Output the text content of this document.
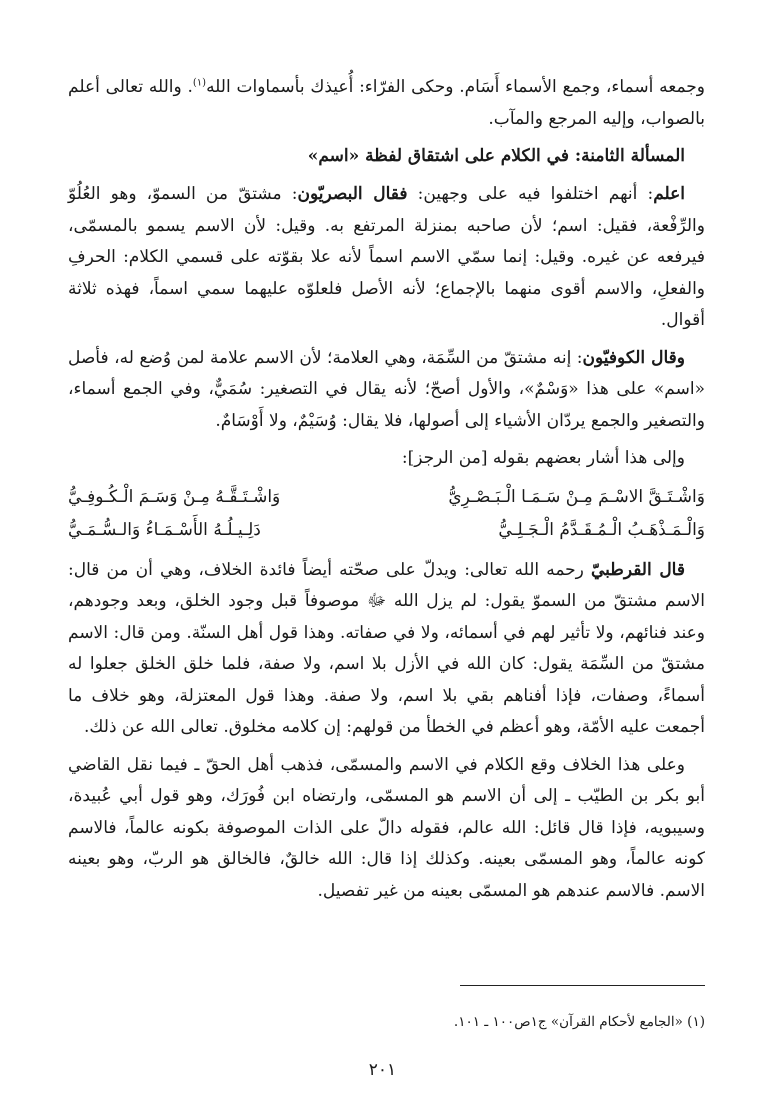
وجمعه أسماء، وجمع الأسماء أَسَام. وحكى الفرّاء: أُعيذك بأسماوات الله$^{(١)}$. والله تعالى أعلم بالصواب، وإليه المرجع والمآب.

المسألة الثامنة: في الكلام على اشتقاق لفظة «اسم»

اعلم: أنهم اختلفوا فيه على وجهين: فقال البصريّون: مشتقّ من السموّ، وهو العُلُوّ والرِّفْعة، فقيل: اسم؛ لأن صاحبه بمنزلة المرتفع به. وقيل: لأن الاسم يسمو بالمسمّى، فيرفعه عن غيره. وقيل: إنما سمّي الاسم اسماً لأنه علا بقوّته على قسمي الكلام: الحرفِ والفعلِ، والاسم أقوى منهما بالإجماع؛ لأنه الأصل فلعلوّه عليهما سمي اسماً، فهذه ثلاثة أقوال.

وقال الكوفيّون: إنه مشتقّ من السِّمَة، وهي العلامة؛ لأن الاسم علامة لمن وُضع له، فأصل «اسم» على هذا «وَسْمٌ»، والأول أصحّ؛ لأنه يقال في التصغير: سُمَيٌّ، وفي الجمع أسماء، والتصغير والجمع يردّان الأشياء إلى أصولها، فلا يقال: وُسَيْمٌ، ولا أَوْسَامٌ.

وإلى هذا أشار بعضهم بقوله [من الرجز]:

وَاشْـتَـقَّ الاسْـمَ مِـنْ سَـمَـا الْـبَـصْـرِيُّ
وَاشْـتَـقَّـهُ مِـنْ وَسَـمَ الْـكُـوفِـيُّ
وَالْـمَـذْهَـبُ الْـمُـقَـدَّمُ الْـجَـلِـيُّ
دَلِـيـلُـهُ الأَسْـمَـاءُ وَالـسُّـمَـيُّ

قال القرطبيّ رحمه الله تعالى: ويدلّ على صحّته أيضاً فائدة الخلاف، وهي أن من قال: الاسم مشتقّ من السموّ يقول: لم يزل الله ﷻ موصوفاً قبل وجود الخلق، وبعد وجودهم، وعند فنائهم، ولا تأثير لهم في أسمائه، ولا في صفاته. وهذا قول أهل السنّة. ومن قال: الاسم مشتقّ من السِّمَة يقول: كان الله في الأزل بلا اسم، ولا صفة، فلما خلق الخلق جعلوا له أسماءً، وصفات، فإذا أفناهم بقي بلا اسم، ولا صفة. وهذا قول المعتزلة، وهو خلاف ما أجمعت عليه الأمّة، وهو أعظم في الخطأ من قولهم: إن كلامه مخلوق. تعالى الله عن ذلك.

وعلى هذا الخلاف وقع الكلام في الاسم والمسمّى، فذهب أهل الحقّ ـ فيما نقل القاضي أبو بكر بن الطيّب ـ إلى أن الاسم هو المسمّى، وارتضاه ابن فُورَك، وهو قول أبي عُبيدة، وسيبويه، فإذا قال قائل: الله عالم، فقوله دالّ على الذات الموصوفة بكونه عالماً، فالاسم كونه عالماً، وهو المسمّى بعينه. وكذلك إذا قال: الله خالقٌ، فالخالق هو الربّ، وهو بعينه الاسم. فالاسم عندهم هو المسمّى بعينه من غير تفصيل.

(١) «الجامع لأحكام القرآن» ج١ص١٠٠ ـ ١٠١.
٢٠١
